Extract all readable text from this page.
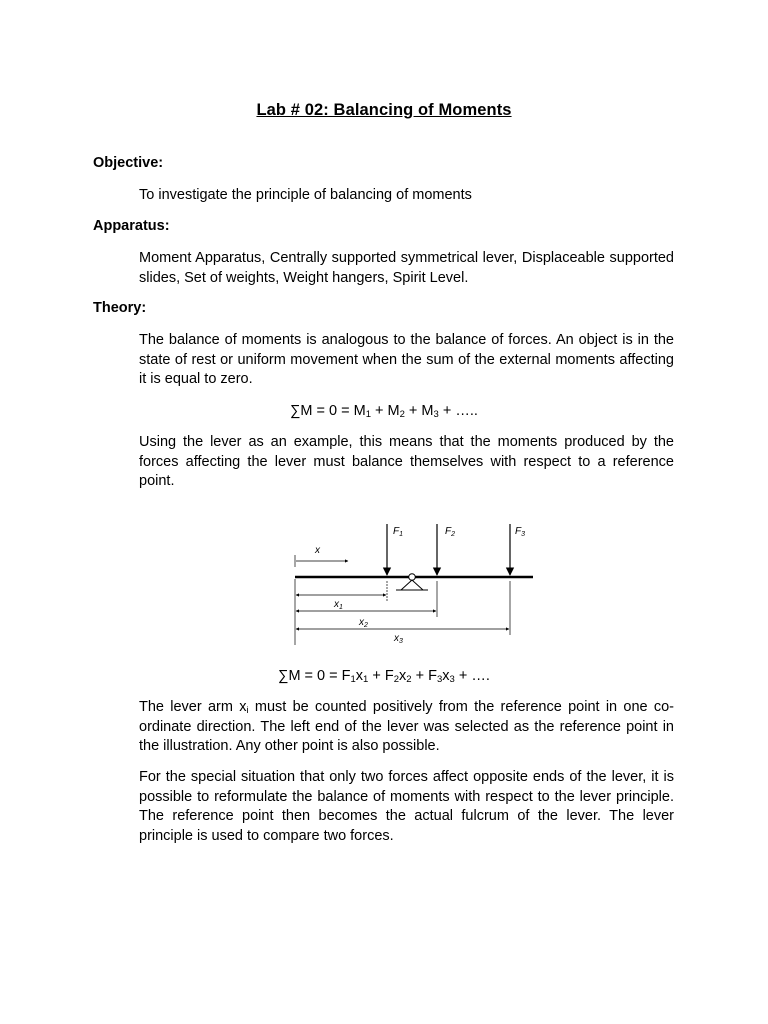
Lab # 02: Balancing of Moments
Objective:
To investigate the principle of balancing of moments
Apparatus:
Moment Apparatus, Centrally supported symmetrical lever, Displaceable supported slides, Set of weights, Weight hangers, Spirit Level.
Theory:
The balance of moments is analogous to the balance of forces. An object is in the state of rest or uniform movement when the sum of the external moments affecting it is equal to zero.
$\sum M = 0 = M_1 + M_2 + M_3$ + …..
Using the lever as an example, this means that the moments produced by the forces affecting the lever must balance themselves with respect to a reference point.
$F_1$	$F_2$	$F_3$
x
$x_1$
$x_2$
$x_3$
$\sum M = 0 = F_1x_1 + F_2x_2 + F_3x_3$ + ….
The lever arm $x_i$ must be counted positively from the reference point in one co-ordinate direction. The left end of the lever was selected as the reference point in the illustration. Any other point is also possible.
For the special situation that only two forces affect opposite ends of the lever, it is possible to reformulate the balance of moments with respect to the lever principle. The reference point then becomes the actual fulcrum of the lever. The lever principle is used to compare two forces.
